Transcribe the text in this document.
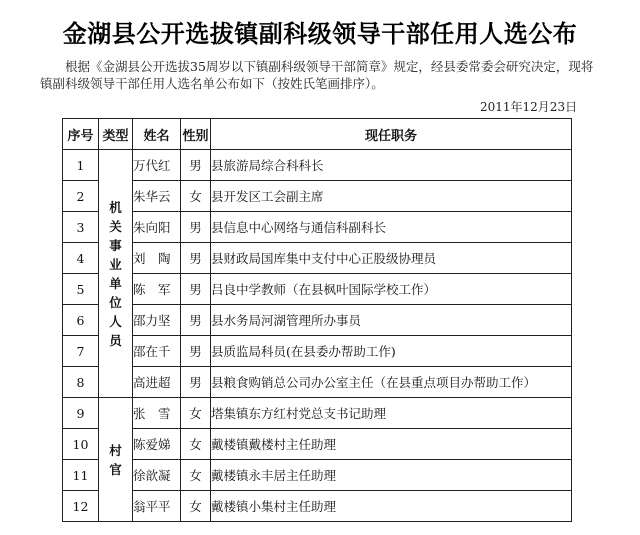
金湖县公开选拔镇副科级领导干部任用人选公布

根据《金湖县公开选拔35周岁以下镇副科级领导干部简章》规定，经县委常委会研究决定，现将镇副科级领导干部任用人选名单公布如下（按姓氏笔画排序）。

2011年12月23日
序号	类型	姓名	性别	现任职务
1	机关事业单位人员	万代红	男	县旅游局综合科科长
2		朱华云	女	县开发区工会副主席
3		朱向阳	男	县信息中心网络与通信科副科长
4		刘　陶	男	县财政局国库集中支付中心正股级协理员
5		陈　军	男	吕良中学教师（在县枫叶国际学校工作）
6		邵力坚	男	县水务局河湖管理所办事员
7		邵在千	男	县质监局科员(在县委办帮助工作)
8		高进超	男	县粮食购销总公司办公室主任（在县重点项目办帮助工作）
9	村官	张　雪	女	塔集镇东方红村党总支书记助理
10		陈爱娣	女	戴楼镇戴楼村主任助理
11		徐歆凝	女	戴楼镇永丰居主任助理
12		翁平平	女	戴楼镇小集村主任助理
